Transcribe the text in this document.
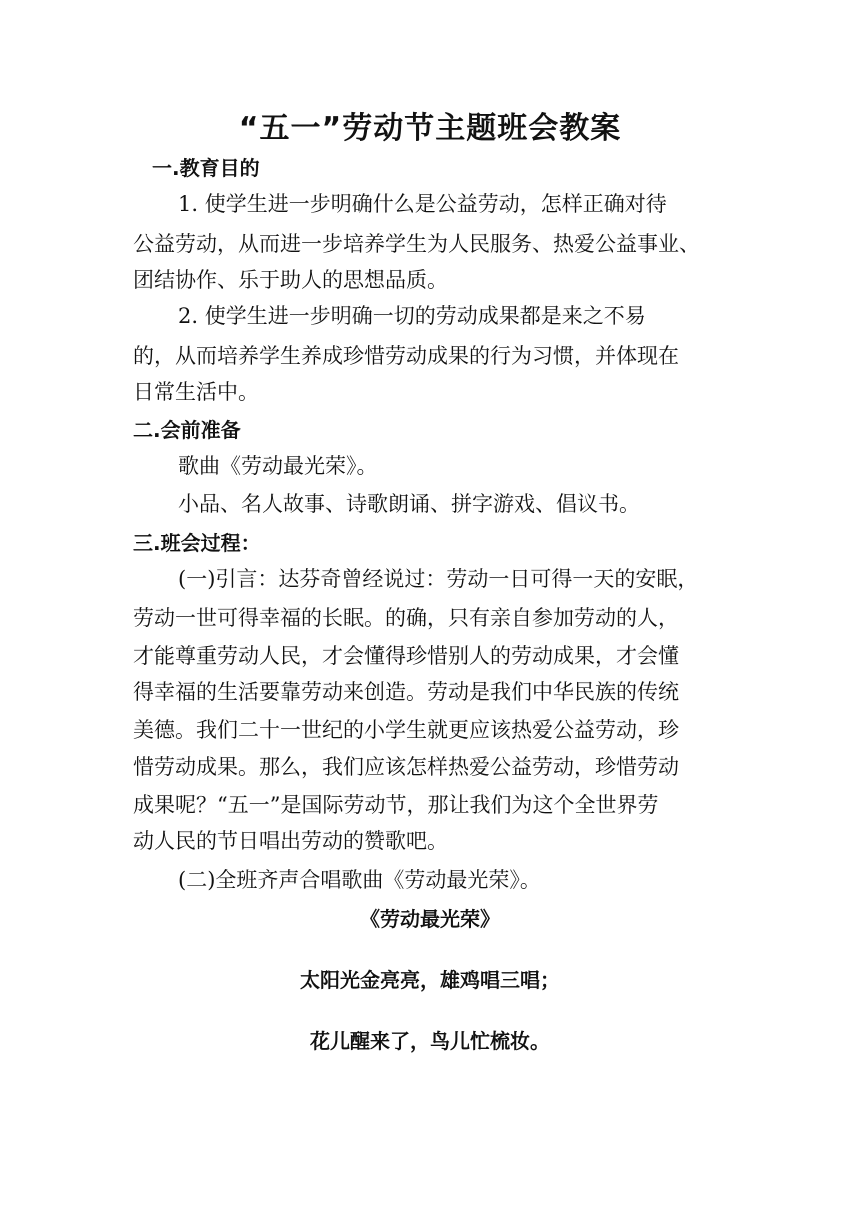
“五一”劳动节主题班会教案
一.教育目的
1. 使学生进一步明确什么是公益劳动，怎样正确对待
公益劳动，从而进一步培养学生为人民服务、热爱公益事业、
团结协作、乐于助人的思想品质。
2. 使学生进一步明确一切的劳动成果都是来之不易
的，从而培养学生养成珍惜劳动成果的行为习惯，并体现在
日常生活中。
二.会前准备
歌曲《劳动最光荣》。
小品、名人故事、诗歌朗诵、拼字游戏、倡议书。
三.班会过程：
(一)引言：达芬奇曾经说过：劳动一日可得一天的安眠，
劳动一世可得幸福的长眠。的确，只有亲自参加劳动的人，
才能尊重劳动人民，才会懂得珍惜别人的劳动成果，才会懂
得幸福的生活要靠劳动来创造。劳动是我们中华民族的传统
美德。我们二十一世纪的小学生就更应该热爱公益劳动，珍
惜劳动成果。那么，我们应该怎样热爱公益劳动，珍惜劳动
成果呢？“五一”是国际劳动节，那让我们为这个全世界劳
动人民的节日唱出劳动的赞歌吧。
(二)全班齐声合唱歌曲《劳动最光荣》。
《劳动最光荣》
太阳光金亮亮，雄鸡唱三唱；
花儿醒来了，鸟儿忙梳妆。
